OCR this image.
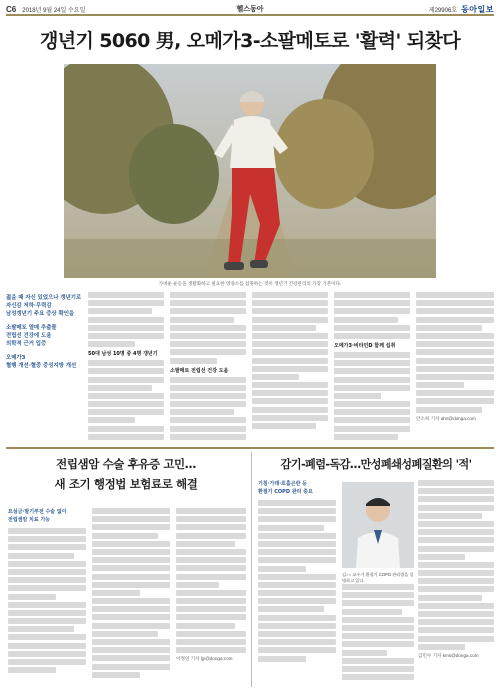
C6 2018년 9월 24일 수요일	헬스동아	제29906호 동아일보
갱년기 5060 男, 오메가3-소팔메토로 '활력' 되찾다
가벼운 운동을 생활화하고 필요한 영양소를 섭취하는 것이 갱년기 건강관리의 가장 기본이다.
젊을 때 자신 있었으나 갱년기로
자신감 저하·무력감
남성갱년기 주요 증상 확인을
소팔메토 열매 추출물
전립선 건강에 도움
의학적 근거 입증
오메가3
혈행 개선·혈중 중성지방 개선
50대 남성 10명 중 4명 갱년기
소팔메토 전립선 건강 도움
오메가3·비타민D 함께 섭취
안소희 기자 ahn@donga.com
전립샘암 수술 후유증 고민…
새 조기 행정법 보험료로 해결
요실금·발기부전 수술 없이
전립샘암 치료 가능
이정연 기자 ljy@donga.com
감기-폐렴-독감…만성폐쇄성폐질환의 '적'
기침·가래·호흡곤란 등
환절기 COPD 관리 중요
김○○ 교수가 환절기 COPD 관리법을 설명하고 있다.
김민수 기자 kms@donga.com
